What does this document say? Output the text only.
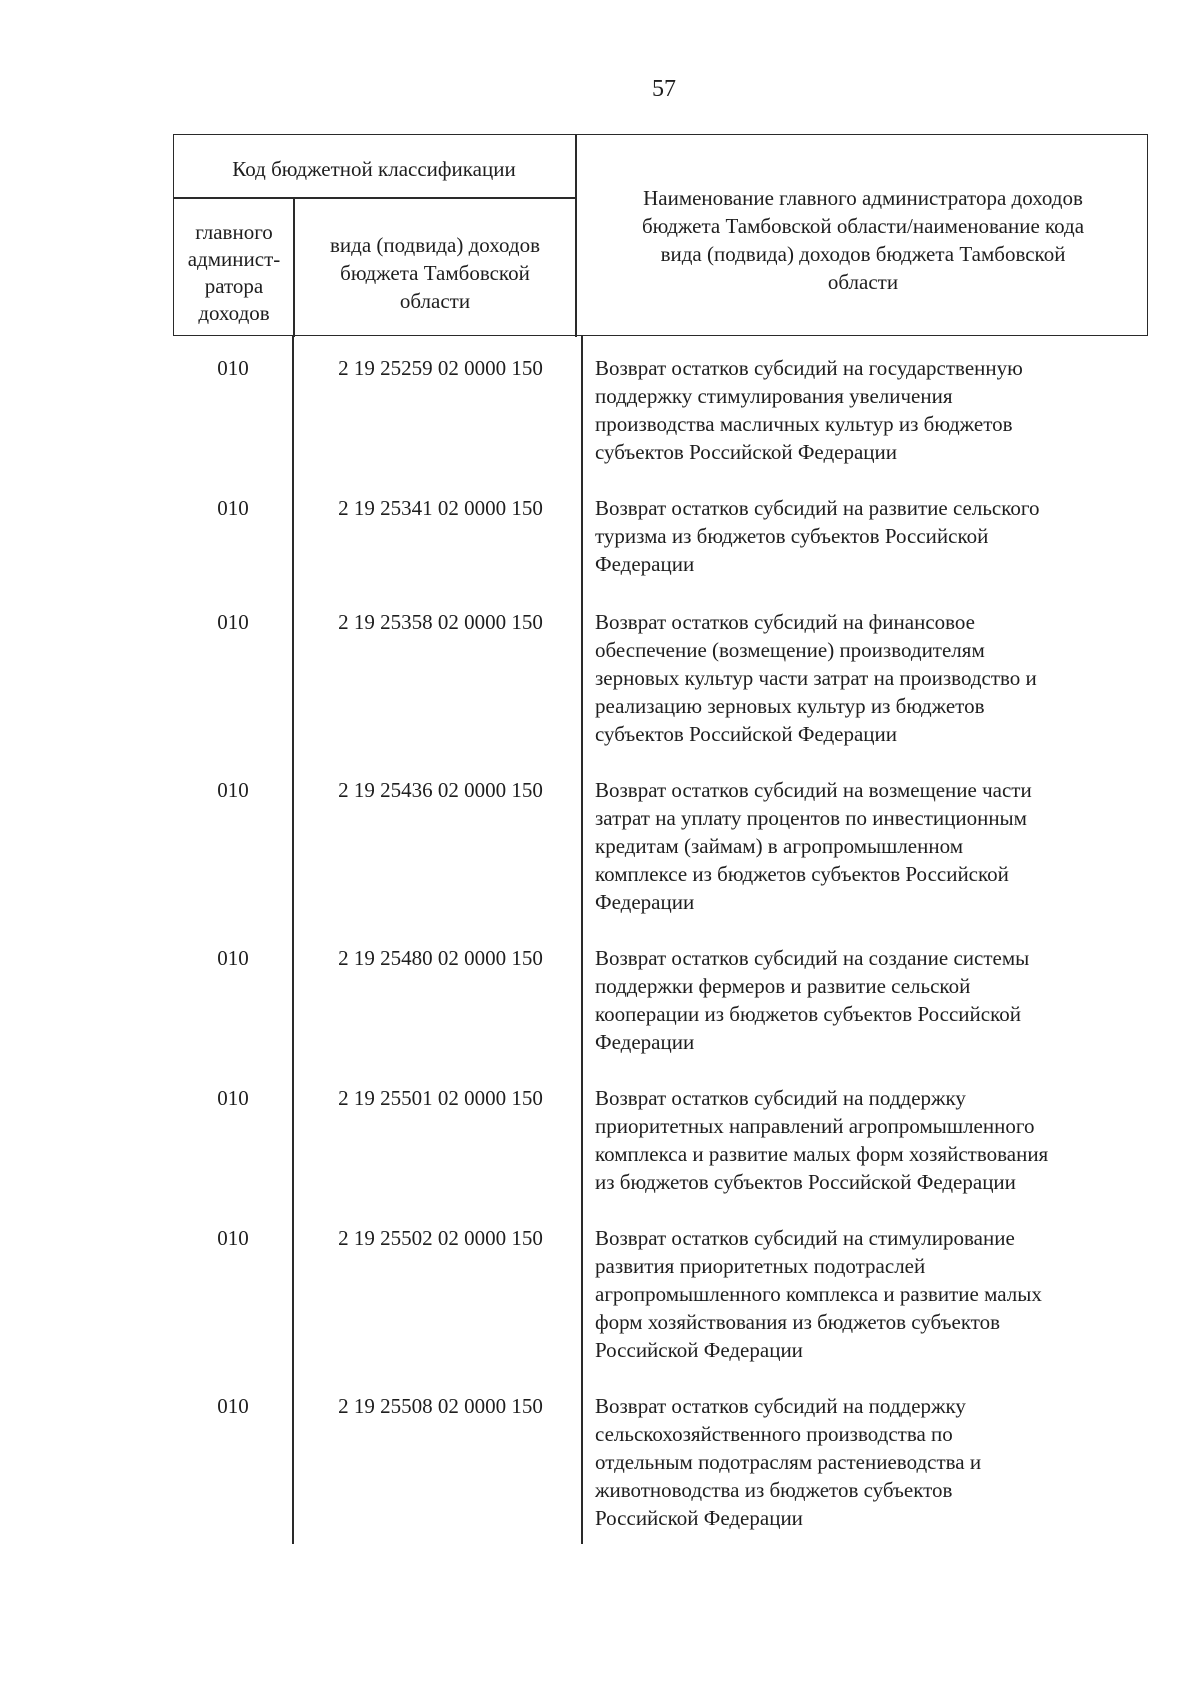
57
Код бюджетной классификации
главного
админист-
ратора
доходов
вида (подвида) доходов
бюджета Тамбовской
области
Наименование главного администратора доходов
бюджета Тамбовской области/наименование кода
вида (подвида) доходов бюджета Тамбовской
области
010	2 19 25259 02 0000 150	Возврат остатков субсидий на государственную
поддержку стимулирования увеличения
производства масличных культур из бюджетов
субъектов Российской Федерации
010	2 19 25341 02 0000 150	Возврат остатков субсидий на развитие сельского
туризма из бюджетов субъектов Российской
Федерации
010	2 19 25358 02 0000 150	Возврат остатков субсидий на финансовое
обеспечение (возмещение) производителям
зерновых культур части затрат на производство и
реализацию зерновых культур из бюджетов
субъектов Российской Федерации
010	2 19 25436 02 0000 150	Возврат остатков субсидий на возмещение части
затрат на уплату процентов по инвестиционным
кредитам (займам) в агропромышленном
комплексе из бюджетов субъектов Российской
Федерации
010	2 19 25480 02 0000 150	Возврат остатков субсидий на создание системы
поддержки фермеров и развитие сельской
кооперации из бюджетов субъектов Российской
Федерации
010	2 19 25501 02 0000 150	Возврат остатков субсидий на поддержку
приоритетных направлений агропромышленного
комплекса и развитие малых форм хозяйствования
из бюджетов субъектов Российской Федерации
010	2 19 25502 02 0000 150	Возврат остатков субсидий на стимулирование
развития приоритетных подотраслей
агропромышленного комплекса и развитие малых
форм хозяйствования из бюджетов субъектов
Российской Федерации
010	2 19 25508 02 0000 150	Возврат остатков субсидий на поддержку
сельскохозяйственного производства по
отдельным подотраслям растениеводства и
животноводства из бюджетов субъектов
Российской Федерации
